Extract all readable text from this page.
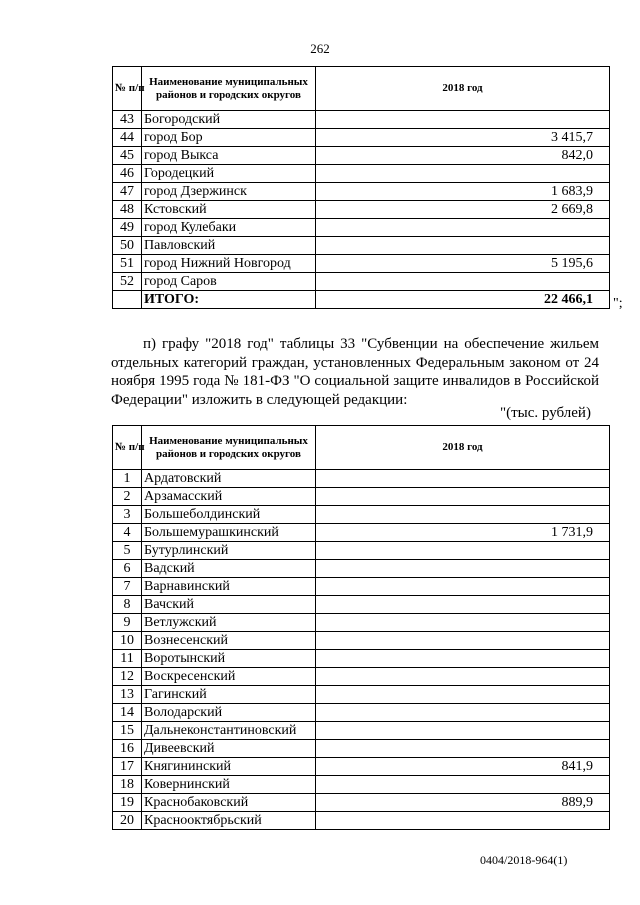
262
№ п/п	Наименование муниципальных районов и городских округов	2018 год
43	Богородский	
44	город Бор	3 415,7
45	город Выкса	842,0
46	Городецкий	
47	город Дзержинск	1 683,9
48	Кстовский	2 669,8
49	город Кулебаки	
50	Павловский	
51	город Нижний Новгород	5 195,6
52	город Саров	
	ИТОГО:	22 466,1 ";
п) графу "2018 год" таблицы 33 "Субвенции на обеспечение жильем отдельных категорий граждан, установленных Федеральным законом от 24 ноября 1995 года № 181-ФЗ "О социальной защите инвалидов в Российской Федерации" изложить в следующей редакции:
"(тыс. рублей)
№ п/п	Наименование муниципальных районов и городских округов	2018 год
1	Ардатовский	
2	Арзамасский	
3	Большеболдинский	
4	Большемурашкинский	1 731,9
5	Бутурлинский	
6	Вадский	
7	Варнавинский	
8	Вачский	
9	Ветлужский	
10	Вознесенский	
11	Воротынский	
12	Воскресенский	
13	Гагинский	
14	Володарский	
15	Дальнеконстантиновский	
16	Дивеевский	
17	Княгининский	841,9
18	Ковернинский	
19	Краснобаковский	889,9
20	Краснооктябрьский	
0404/2018-964(1)
